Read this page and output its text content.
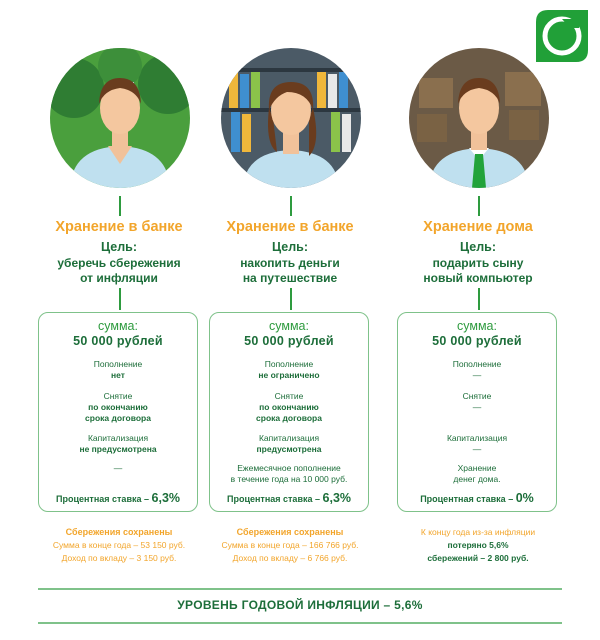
Хранение в банке
Цель:
уберечь сбережения
от инфляции
сумма:
50 000 рублей
Пополнение
нет
Снятие
по окончанию
срока договора
Капитализация
не предусмотрена
—
Процентная ставка – 6,3%
Сбережения сохранены
Сумма в конце года – 53 150 руб.
Доход по вкладу – 3 150 руб.
Хранение в банке
Цель:
накопить деньги
на путешествие
сумма:
50 000 рублей
Пополнение
не ограничено
Снятие
по окончанию
срока договора
Капитализация
предусмотрена
Ежемесячное пополнение
в течение года на 10 000 руб.
Процентная ставка – 6,3%
Сбережения сохранены
Сумма в конце года – 166 766 руб.
Доход по вкладу – 6 766 руб.
Хранение дома
Цель:
подарить сыну
новый компьютер
сумма:
50 000 рублей
Пополнение
—
Снятие
—
Капитализация
—
Хранение
денег дома.
Процентная ставка – 0%
К концу года из-за инфляции
потеряно 5,6%
сбережений – 2 800 руб.
УРОВЕНЬ ГОДОВОЙ ИНФЛЯЦИИ – 5,6%
